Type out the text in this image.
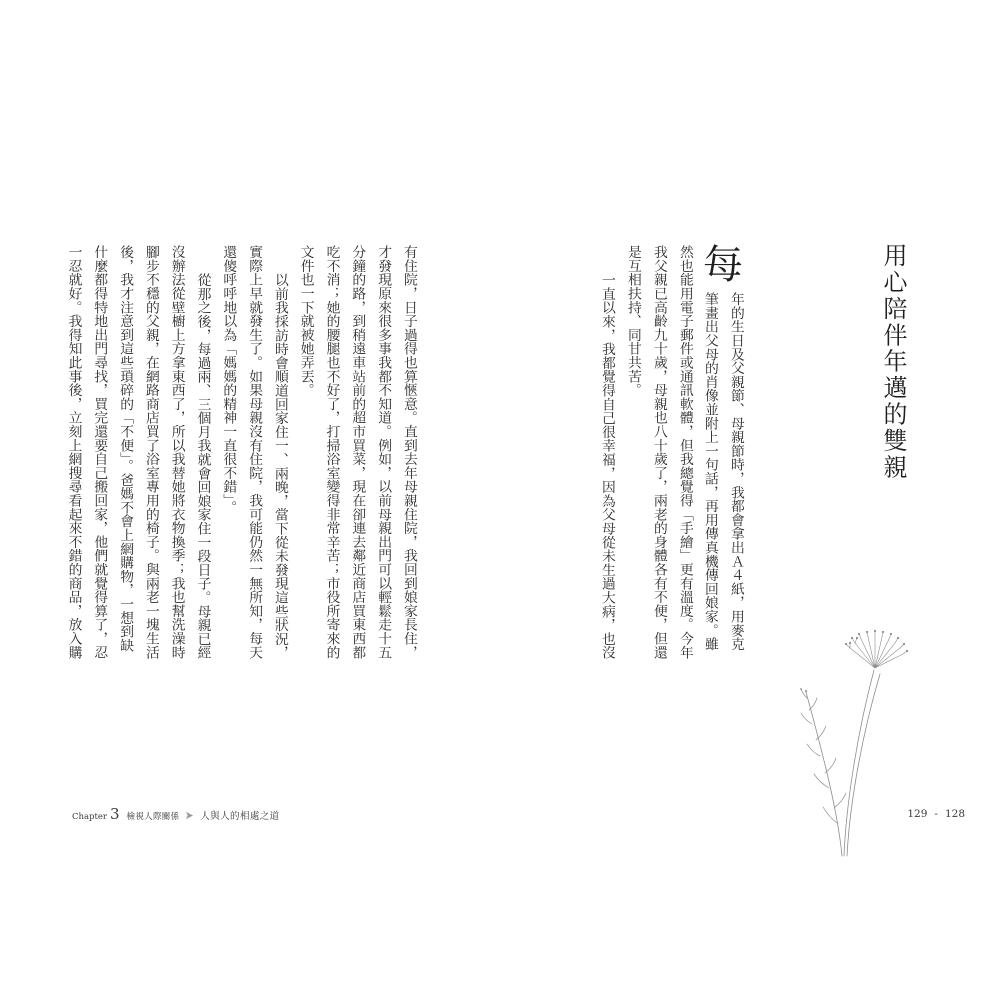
有住院，日子過得也算愜意。直到去年母親住院，我回到娘家長住，
才發現原來很多事我都不知道。例如，以前母親出門可以輕鬆走十五
分鐘的路，到稍遠車站前的超市買菜，現在卻連去鄰近商店買東西都
吃不消；她的腰腿也不好了，打掃浴室變得非常辛苦；市役所寄來的
文件也一下就被她弄丟。
以前我採訪時會順道回家住一、兩晚，當下從未發現這些狀況，
實際上早就發生了。如果母親沒有住院，我可能仍然一無所知，每天
還傻呼呼地以為「媽媽的精神一直很不錯」。
從那之後，每過兩、三個月我就會回娘家住一段日子。母親已經
沒辦法從壁櫥上方拿東西了，所以我替她將衣物換季；我也幫洗澡時
腳步不穩的父親，在網路商店買了浴室專用的椅子。與兩老一塊生活
後，我才注意到這些瑣碎的「不便」。爸媽不會上網購物，一想到缺
什麼都得特地出門尋找，買完還要自己搬回家，他們就覺得算了，忍
一忍就好。我得知此事後，立刻上網搜尋看起來不錯的商品，放入購	用心陪伴年邁的雙親
每
年的生日及父親節、母親節時，我都會拿出Ａ４紙，用麥克
筆畫出父母的肖像並附上一句話，再用傳真機傳回娘家。雖
然也能用電子郵件或通訊軟體，但我總覺得「手繪」更有溫度。今年
我父親已高齡九十歲，母親也八十歲了，兩老的身體各有不便，但還
是互相扶持、同甘共苦。
一直以來，我都覺得自己很幸福，因為父母從未生過大病，也沒
Chapter 3 檢視人際關係 人與人的相處之道	129 - 128
